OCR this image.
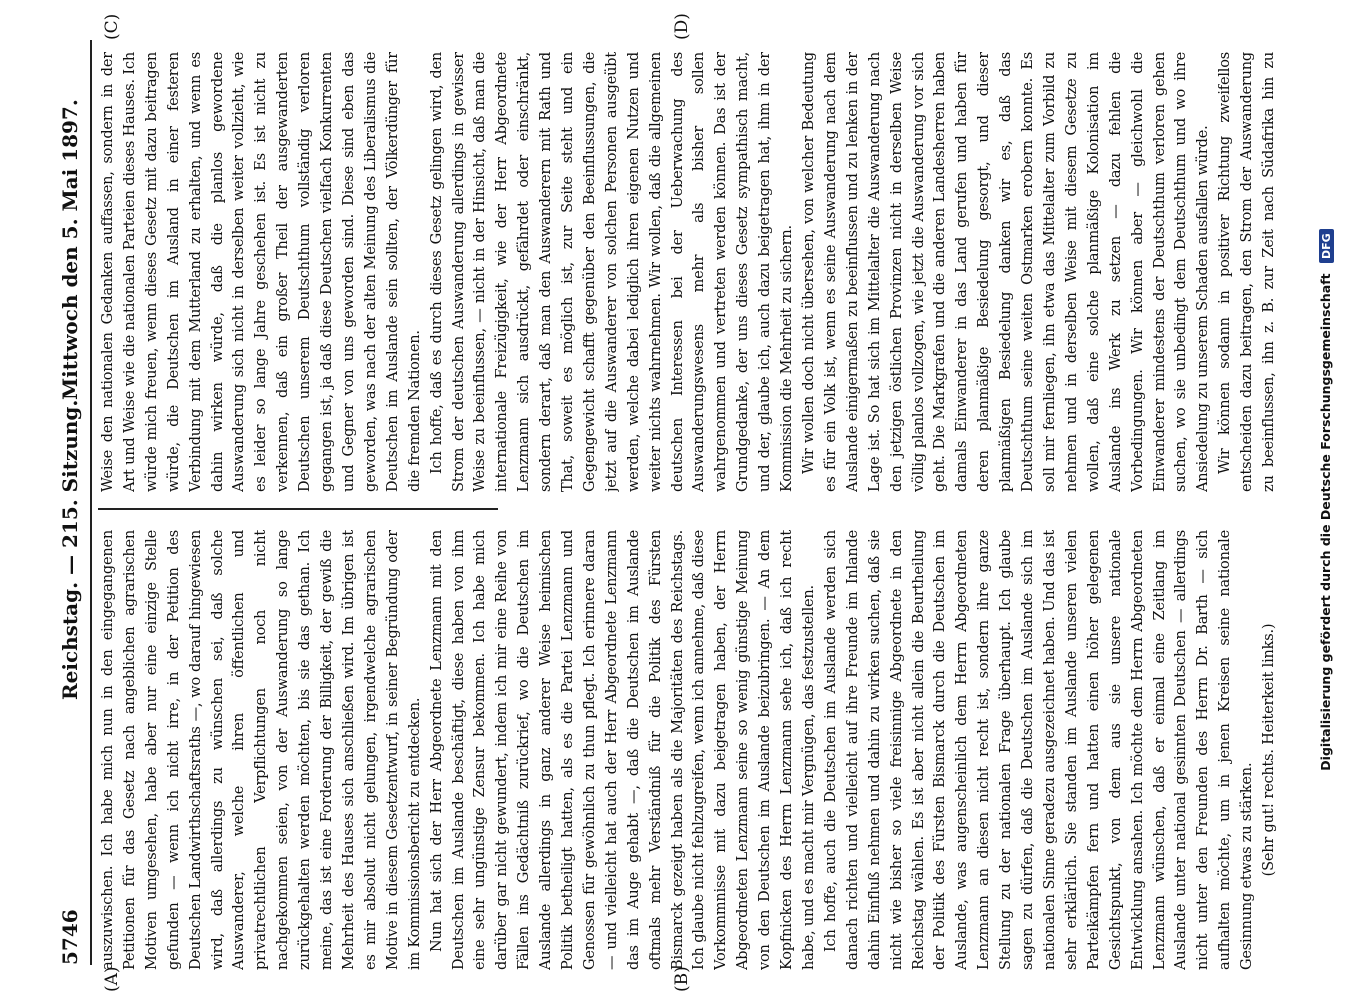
5746
Reichstag. — 215. Sitzung.
Mittwoch den 5. Mai 1897.
(A)	(B)
(C)	(D)

auszuwischen. Ich habe mich nun in den eingegangenen Petitionen für das Gesetz nach angeblichen agrarischen Motiven umgesehen, habe aber nur eine einzige Stelle gefunden — wenn ich nicht irre, in der Petition des Deutschen Landwirthschaftsraths —, wo darauf hingewiesen wird, daß allerdings zu wünschen sei, daß solche Auswanderer, welche ihren öffentlichen und privatrechtlichen Verpflichtungen noch nicht nachgekommen seien, von der Auswanderung so lange zurückgehalten werden möchten, bis sie das gethan. Ich meine, das ist eine Forderung der Billigkeit, der gewiß die Mehrheit des Hauses sich anschließen wird. Im übrigen ist es mir absolut nicht gelungen, irgendwelche agrarischen Motive in diesem Gesetzentwurf, in seiner Begründung oder im Kommissionsbericht zu entdecken. Nun hat sich der Herr Abgeordnete Lenzmann mit den Deutschen im Auslande beschäftigt, diese haben von ihm eine sehr ungünstige Zensur bekommen. Ich habe mich darüber gar nicht gewundert, indem ich mir eine Reihe von Fällen ins Gedächtniß zurückrief, wo die Deutschen im Auslande allerdings in ganz anderer Weise heimischen Politik betheiligt hatten, als es die Partei Lenzmann und Genossen für gewöhnlich zu thun pflegt. Ich erinnere daran — und vielleicht hat auch der Herr Abgeordnete Lenzmann das im Auge gehabt —, daß die Deutschen im Auslande oftmals mehr Verständniß für die Politik des Fürsten Bismarck gezeigt haben als die Majoritäten des Reichstags. Ich glaube nicht fehlzugreifen, wenn ich annehme, daß diese Vorkommnisse mit dazu beigetragen haben, der Herrn Abgeordneten Lenzmann seine so wenig günstige Meinung von den Deutschen im Auslande beizubringen. — An dem Kopfnicken des Herrn Lenzmann sehe ich, daß ich recht habe, und es macht mir Vergnügen, das festzustellen. Ich hoffe, auch die Deutschen im Auslande werden sich danach richten und vielleicht auf ihre Freunde im Inlande dahin Einfluß nehmen und dahin zu wirken suchen, daß sie nicht wie bisher so viele freisinnige Abgeordnete in den Reichstag wählen. Es ist aber nicht allein die Beurtheilung der Politik des Fürsten Bismarck durch die Deutschen im Auslande, was augenscheinlich dem Herrn Abgeordneten Lenzmann an diesen nicht recht ist, sondern ihre ganze Stellung zu der nationalen Frage überhaupt. Ich glaube sagen zu dürfen, daß die Deutschen im Auslande sich im nationalen Sinne geradezu ausgezeichnet haben. Und das ist sehr erklärlich. Sie standen im Auslande unseren vielen Parteikämpfen fern und hatten einen höher gelegenen Gesichtspunkt, von dem aus sie unsere nationale Entwicklung ansahen. Ich möchte dem Herrn Abgeordneten Lenzmann wünschen, daß er einmal eine Zeitlang im Auslande unter national gesinnten Deutschen — allerdings nicht unter den Freunden des Herrn Dr. Barth — sich aufhalten möchte, um in jenen Kreisen seine nationale Gesinnung etwas zu stärken. (Sehr gut! rechts. Heiterkeit links.)

Weise den nationalen Gedanken auffassen, sondern in der Art und Weise wie die nationalen Parteien dieses Hauses. Ich würde mich freuen, wenn dieses Gesetz mit dazu beitragen würde, die Deutschen im Ausland in einer festeren Verbindung mit dem Mutterland zu erhalten, und wenn es dahin wirken würde, daß die planlos gewordene Auswanderung sich nicht in derselben weiter vollzieht, wie es leider so lange Jahre geschehen ist. Es ist nicht zu verkennen, daß ein großer Theil der ausgewanderten Deutschen unserem Deutschthum vollständig verloren gegangen ist, ja daß diese Deutschen vielfach Konkurrenten und Gegner von uns geworden sind. Diese sind eben das geworden, was nach der alten Meinung des Liberalismus die Deutschen im Auslande sein sollten, der Völkerdünger für die fremden Nationen. Ich hoffe, daß es durch dieses Gesetz gelingen wird, den Strom der deutschen Auswanderung allerdings in gewisser Weise zu beeinflussen, — nicht in der Hinsicht, daß man die internationale Freizügigkeit, wie der Herr Abgeordnete Lenzmann sich ausdrückt, gefährdet oder einschränkt, sondern derart, daß man den Auswanderern mit Rath und That, soweit es möglich ist, zur Seite steht und ein Gegengewicht schafft gegenüber den Beeinflussungen, die jetzt auf die Auswanderer von solchen Personen ausgeübt werden, welche dabei lediglich ihren eigenen Nutzen und weiter nichts wahrnehmen. Wir wollen, daß die allgemeinen deutschen Interessen bei der Ueberwachung des Auswanderungswesens mehr als bisher sollen wahrgenommen und vertreten werden können. Das ist der Grundgedanke, der uns dieses Gesetz sympathisch macht, und der, glaube ich, auch dazu beigetragen hat, ihm in der Kommission die Mehrheit zu sichern. Wir wollen doch nicht übersehen, von welcher Bedeutung es für ein Volk ist, wenn es seine Auswanderung nach dem Auslande einigermaßen zu beeinflussen und zu lenken in der Lage ist. So hat sich im Mittelalter die Auswanderung nach den jetzigen östlichen Provinzen nicht in derselben Weise völlig planlos vollzogen, wie jetzt die Auswanderung vor sich geht. Die Markgrafen und die anderen Landesherren haben damals Einwanderer in das Land gerufen und haben für deren planmäßige Besiedelung gesorgt, und dieser planmäßigen Besiedelung danken wir es, daß das Deutschthum seine weiten Ostmarken erobern konnte. Es soll mir fernliegen, ihn etwa das Mittelalter zum Vorbild zu nehmen und in derselben Weise mit diesem Gesetze zu wollen, daß eine solche planmäßige Kolonisation im Auslande ins Werk zu setzen — dazu fehlen die Vorbedingungen. Wir können aber — gleichwohl die Einwanderer mindestens der Deutschthum verloren gehen suchen, wo sie unbedingt dem Deutschthum und wo ihre Ansiedelung zu unserem Schaden ausfallen würde. Wir können sodann in positiver Richtung zweifellos entscheiden dazu beitragen, den Strom der Auswanderung zu beeinflussen, ihn z. B. zur Zeit nach Südafrika hin zu

Digitalisierung gefördert durch die Deutsche Forschungsgemeinschaft DFG
